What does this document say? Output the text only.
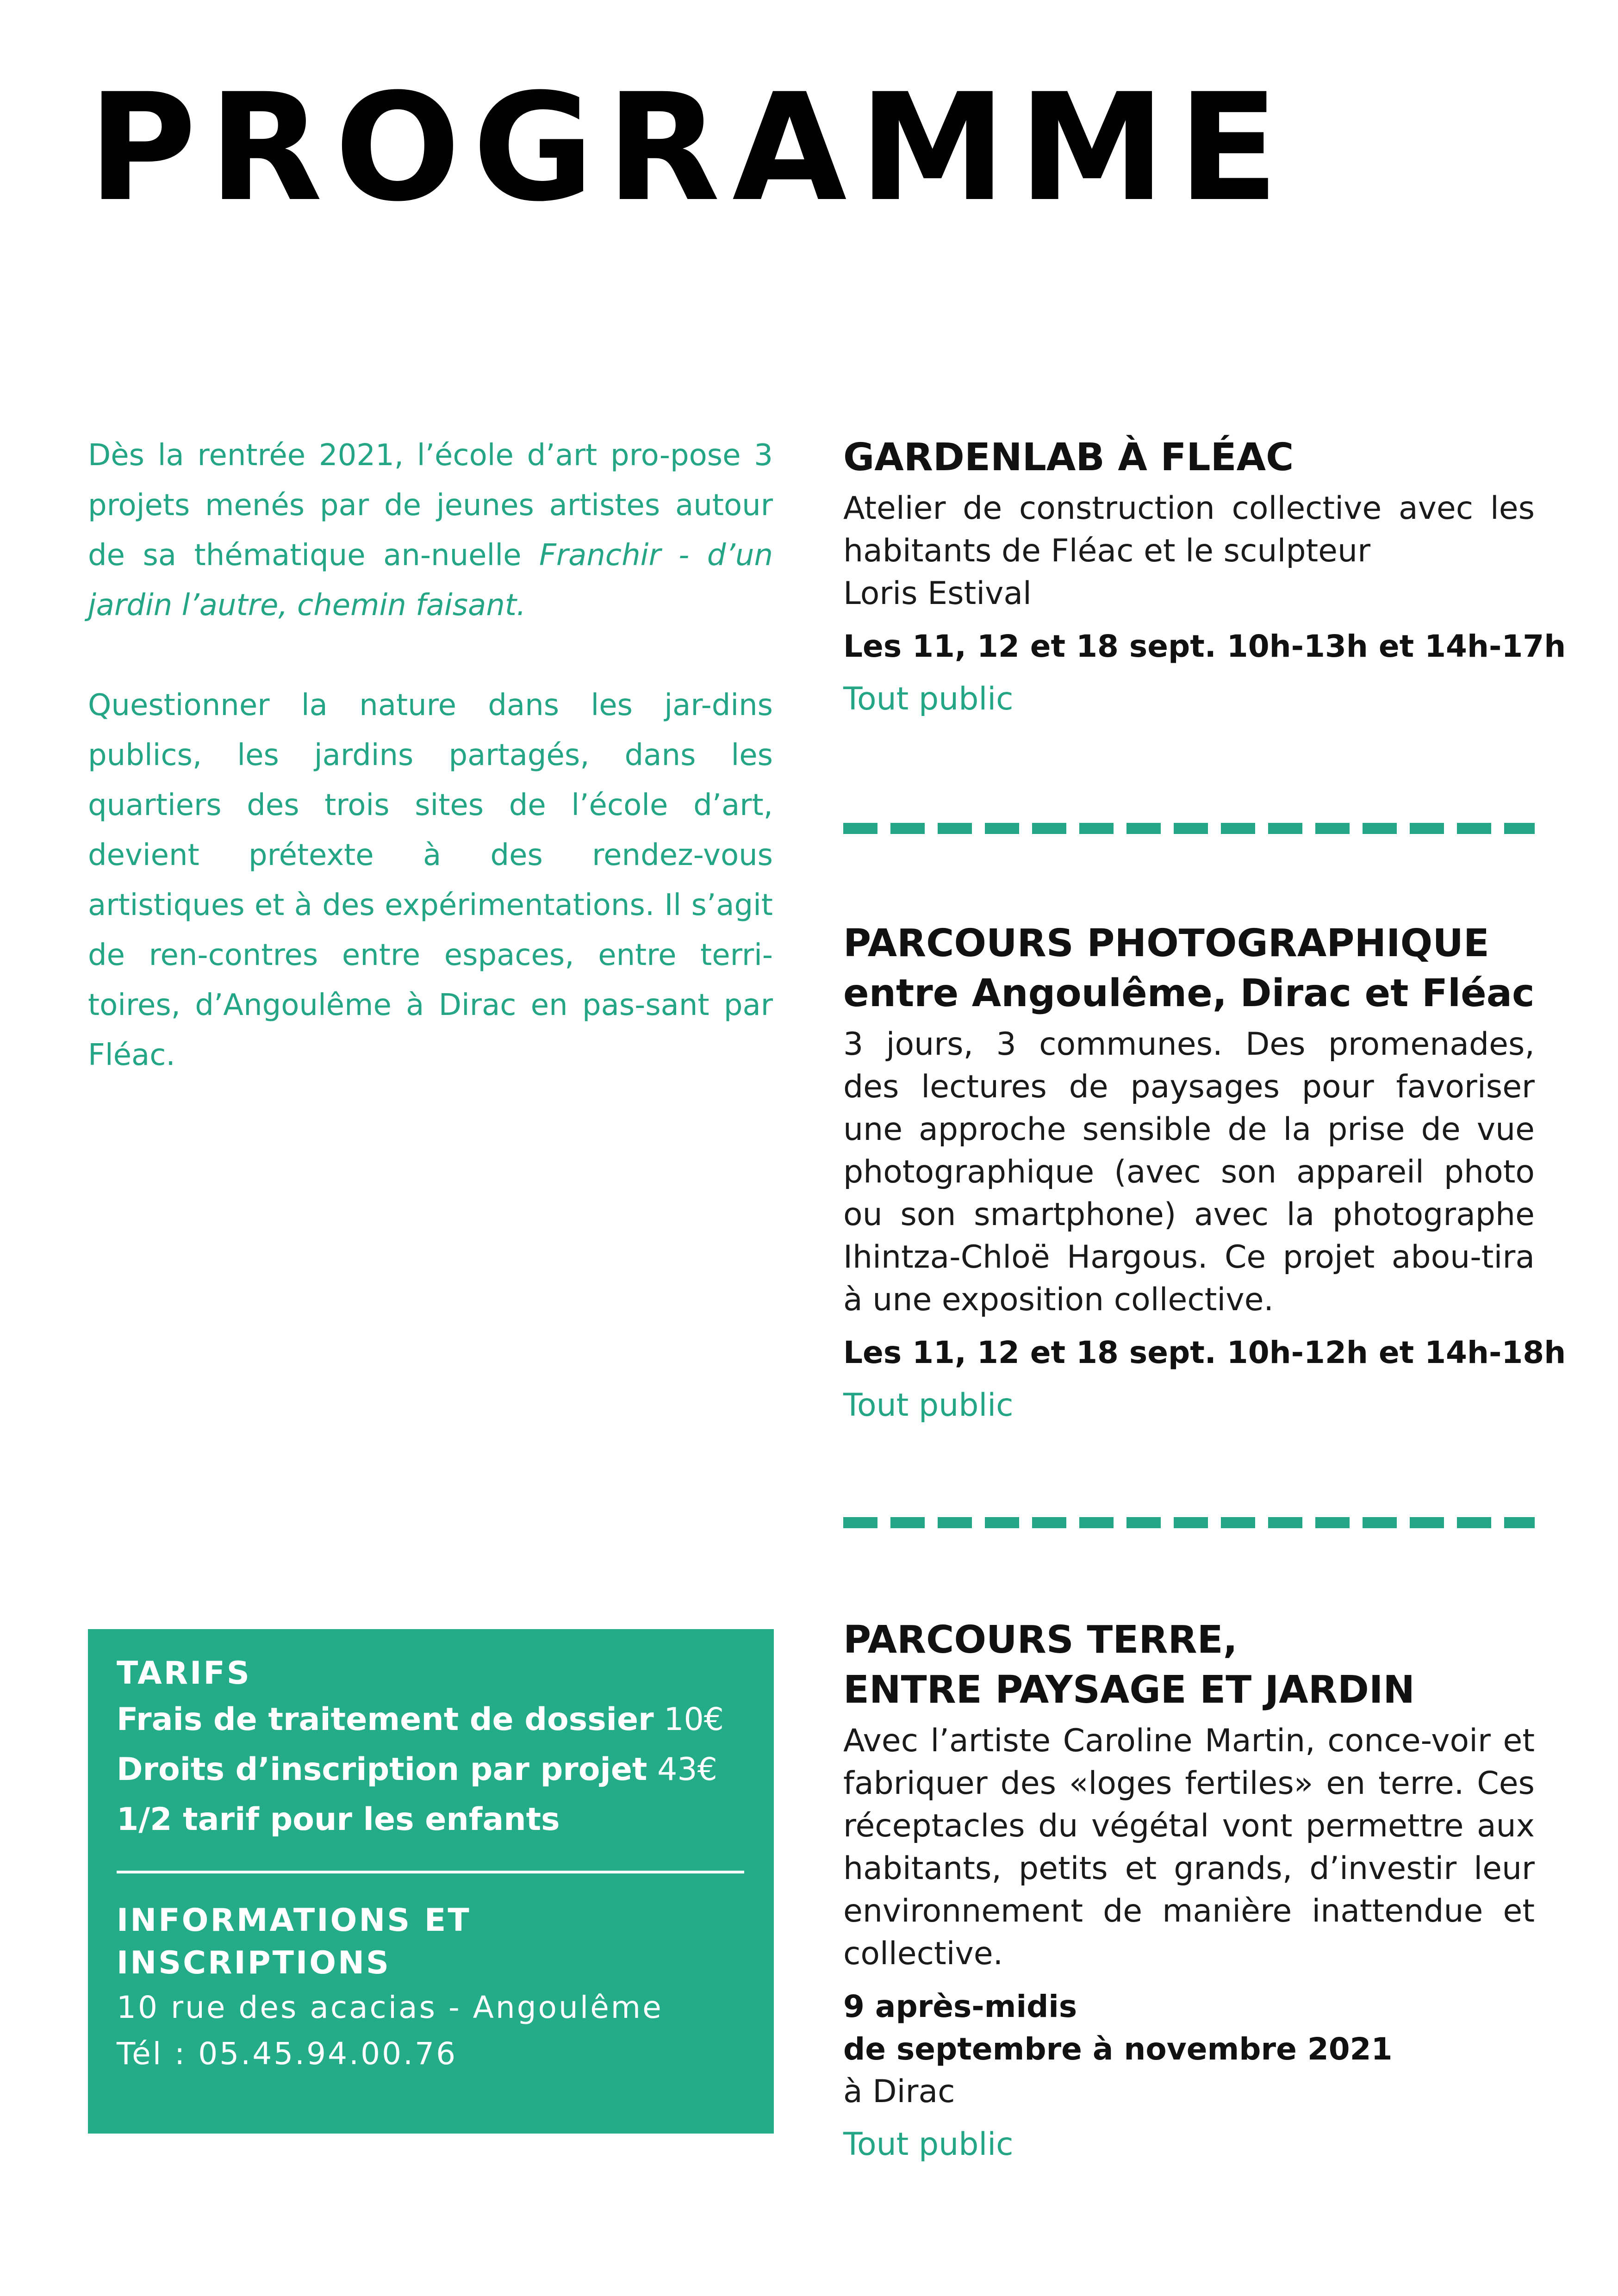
PROGRAMME

Dès la rentrée 2021, l’école d’art pro-pose 3 projets menés par de jeunes artistes autour de sa thématique an-nuelle Franchir - d’un jardin l’autre, chemin faisant.

Questionner la nature dans les jar-dins publics, les jardins partagés, dans les quartiers des trois sites de l’école d’art, devient prétexte à des rendez-vous artistiques et à des expérimentations. Il s’agit de ren-contres entre espaces, entre terri-toires, d’Angoulême à Dirac en pas-sant par Fléac.

GARDENLAB À FLÉAC

Atelier de construction collective avec les habitants de Fléac et le sculpteur

Loris Estival

Les 11, 12 et 18 sept. 10h-13h et 14h-17h

Tout public

PARCOURS PHOTOGRAPHIQUE

entre Angoulême, Dirac et Fléac

3 jours, 3 communes. Des promenades, des lectures de paysages pour favoriser une approche sensible de la prise de vue photographique (avec son appareil photo ou son smartphone) avec la photographe Ihintza-Chloë Hargous. Ce projet abou-tira à une exposition collective.

Les 11, 12 et 18 sept. 10h-12h et 14h-18h

Tout public

PARCOURS TERRE,

ENTRE PAYSAGE ET JARDIN

Avec l’artiste Caroline Martin, conce-voir et fabriquer des «loges fertiles» en terre. Ces réceptacles du végétal vont permettre aux habitants, petits et grands, d’investir leur environnement de manière inattendue et collective.

9 après-midis

de septembre à novembre 2021

à Dirac

Tout public

TARIFS

Frais de traitement de dossier 10€

Droits d’inscription par projet 43€

1/2 tarif pour les enfants

INFORMATIONS ET INSCRIPTIONS

10 rue des acacias - Angoulême

Tél : 05.45.94.00.76
